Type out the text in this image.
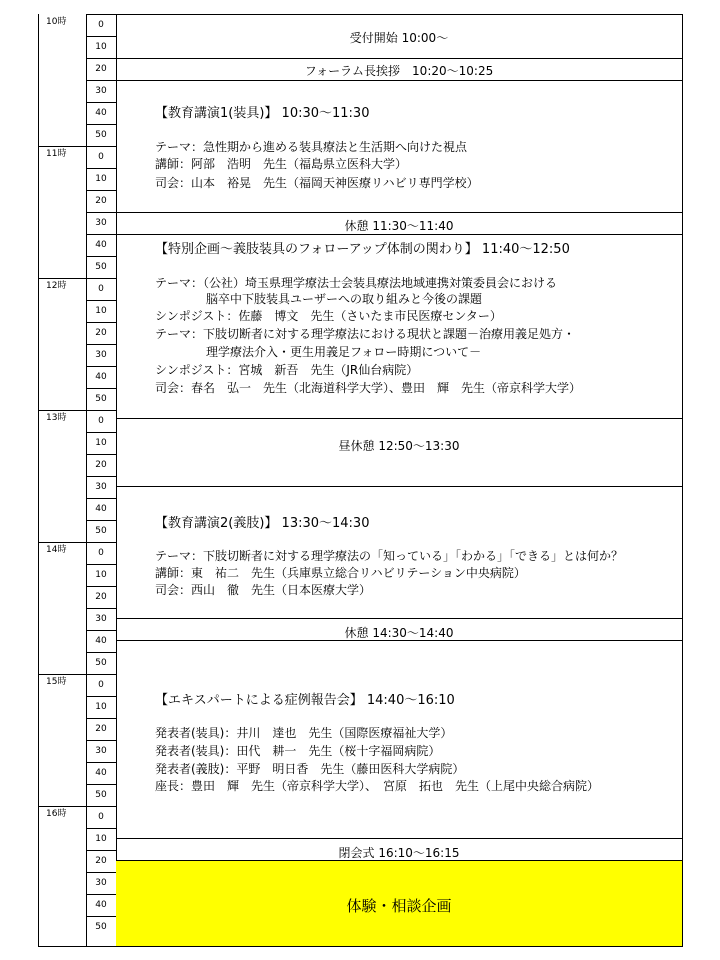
10時
11時
12時
13時
14時
15時
16時
0
10
20
30
40
50
0
10
20
30
40
50
0
10
20
30
40
50
0
10
20
30
40
50
0
10
20
30
40
50
0
10
20
30
40
50
0
10
20
30
40
50
受付開始 10:00～
フォーラム長挨拶　10:20～10:25
【教育講演1(装具)】 10:30～11:30
テーマ：急性期から進める装具療法と生活期へ向けた視点
講師：阿部　浩明　先生（福島県立医科大学）
司会：山本　裕晃　先生（福岡天神医療リハビリ専門学校）
休憩 11:30～11:40
【特別企画～義肢装具のフォローアップ体制の関わり】 11:40～12:50
テーマ：（公社）埼玉県理学療法士会装具療法地域連携対策委員会における
脳卒中下肢装具ユーザーへの取り組みと今後の課題
シンポジスト：佐藤　博文　先生（さいたま市民医療センター）
テーマ：下肢切断者に対する理学療法における現状と課題－治療用義足処方・
理学療法介入・更生用義足フォロー時期について－
シンポジスト：宮城　新吾　先生（JR仙台病院）
司会：春名　弘一　先生（北海道科学大学）、豊田　輝　先生（帝京科学大学）
昼休憩 12:50～13:30
【教育講演2(義肢)】 13:30～14:30
テーマ：下肢切断者に対する理学療法の「知っている」「わかる」「できる」とは何か？
講師：東　祐二　先生（兵庫県立総合リハビリテーション中央病院）
司会：西山　徹　先生（日本医療大学）
休憩 14:30～14:40
【エキスパートによる症例報告会】 14:40～16:10
発表者(装具)：井川　達也　先生（国際医療福祉大学）
発表者(装具)：田代　耕一　先生（桜十字福岡病院）
発表者(義肢)：平野　明日香　先生（藤田医科大学病院）
座長：豊田　輝　先生（帝京科学大学）、　宮原　拓也　先生（上尾中央総合病院）
閉会式 16:10～16:15
体験・相談企画
